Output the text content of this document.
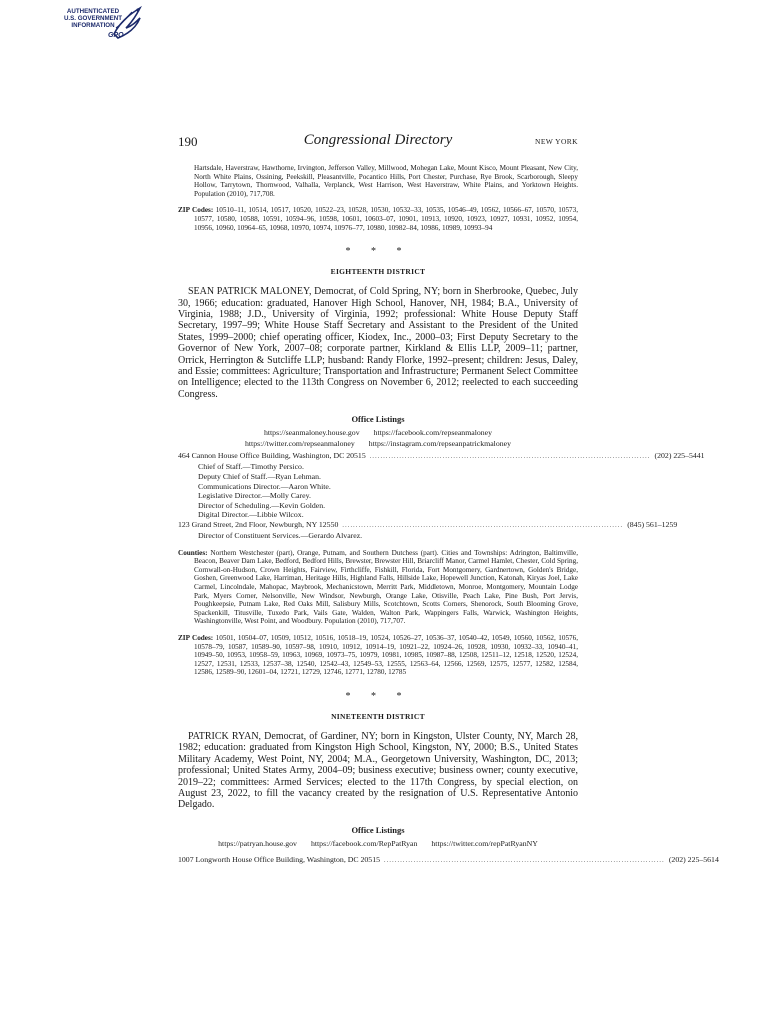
AUTHENTICATED
U.S. GOVERNMENT
INFORMATION
GPO
190	Congressional Directory	NEW YORK
Hartsdale, Haverstraw, Hawthorne, Irvington, Jefferson Valley, Millwood, Mohegan Lake, Mount Kisco, Mount Pleasant, New City, North White Plains, Ossining, Peekskill, Pleasantville, Pocantico Hills, Port Chester, Purchase, Rye Brook, Scarborough, Sleepy Hollow, Tarrytown, Thornwood, Valhalla, Verplanck, West Harrison, West Haverstraw, White Plains, and Yorktown Heights. Population (2010), 717,708.
ZIP Codes: 10510–11, 10514, 10517, 10520, 10522–23, 10528, 10530, 10532–33, 10535, 10546–49, 10562, 10566–67, 10570, 10573, 10577, 10580, 10588, 10591, 10594–96, 10598, 10601, 10603–07, 10901, 10913, 10920, 10923, 10927, 10931, 10952, 10954, 10956, 10960, 10964–65, 10968, 10970, 10974, 10976–77, 10980, 10982–84, 10986, 10989, 10993–94
* * *
EIGHTEENTH DISTRICT
SEAN PATRICK MALONEY, Democrat, of Cold Spring, NY; born in Sherbrooke, Quebec, July 30, 1966; education: graduated, Hanover High School, Hanover, NH, 1984; B.A., University of Virginia, 1988; J.D., University of Virginia, 1992; professional: White House Deputy Staff Secretary, 1997–99; White House Staff Secretary and Assistant to the President of the United States, 1999–2000; chief operating officer, Kiodex, Inc., 2000–03; First Deputy Secretary to the Governor of New York, 2007–08; corporate partner, Kirkland & Ellis LLP, 2009–11; partner, Orrick, Herrington & Sutcliffe LLP; husband: Randy Florke, 1992–present; children: Jesus, Daley, and Essie; committees: Agriculture; Transportation and Infrastructure; Permanent Select Committee on Intelligence; elected to the 113th Congress on November 6, 2012; reelected to each succeeding Congress.
Office Listings
https://seanmaloney.house.gov https://facebook.com/repseanmaloney
https://twitter.com/repseanmaloney https://instagram.com/repseanpatrickmaloney
464 Cannon House Office Building, Washington, DC 20515 ........................................................................................................ (202) 225–5441
Chief of Staff.—Timothy Persico.
Deputy Chief of Staff.—Ryan Lehman.
Communications Director.—Aaron White.
Legislative Director.—Molly Carey.
Director of Scheduling.—Kevin Golden.
Digital Director.—Libbie Wilcox.
123 Grand Street, 2nd Floor, Newburgh, NY 12550 ........................................................................................................ (845) 561–1259
Director of Constituent Services.—Gerardo Alvarez.
Counties: Northern Westchester (part), Orange, Putnam, and Southern Dutchess (part). Cities and Townships: Adrington, Baltimville, Beacon, Beaver Dam Lake, Bedford, Bedford Hills, Brewster, Brewster Hill, Briarcliff Manor, Carmel Hamlet, Chester, Cold Spring, Cornwall-on-Hudson, Crown Heights, Fairview, Firthcliffe, Fishkill, Florida, Fort Montgomery, Gardnertown, Golden's Bridge, Goshen, Greenwood Lake, Harriman, Heritage Hills, Highland Falls, Hillside Lake, Hopewell Junction, Katonah, Kiryas Joel, Lake Carmel, Lincolndale, Mahopac, Maybrook, Mechanicstown, Merritt Park, Middletown, Monroe, Montgomery, Mountain Lodge Park, Myers Corner, Nelsonville, New Windsor, Newburgh, Orange Lake, Otisville, Peach Lake, Pine Bush, Port Jervis, Poughkeepsie, Putnam Lake, Red Oaks Mill, Salisbury Mills, Scotchtown, Scotts Corners, Shenorock, South Blooming Grove, Spackenkill, Titusville, Tuxedo Park, Vails Gate, Walden, Walton Park, Wappingers Falls, Warwick, Washington Heights, Washingtonville, West Point, and Woodbury. Population (2010), 717,707.
ZIP Codes: 10501, 10504–07, 10509, 10512, 10516, 10518–19, 10524, 10526–27, 10536–37, 10540–42, 10549, 10560, 10562, 10576, 10578–79, 10587, 10589–90, 10597–98, 10910, 10912, 10914–19, 10921–22, 10924–26, 10928, 10930, 10932–33, 10940–41, 10949–50, 10953, 10958–59, 10963, 10969, 10973–75, 10979, 10981, 10985, 10987–88, 12508, 12511–12, 12518, 12520, 12524, 12527, 12531, 12533, 12537–38, 12540, 12542–43, 12549–53, 12555, 12563–64, 12566, 12569, 12575, 12577, 12582, 12584, 12586, 12589–90, 12601–04, 12721, 12729, 12746, 12771, 12780, 12785
* * *
NINETEENTH DISTRICT
PATRICK RYAN, Democrat, of Gardiner, NY; born in Kingston, Ulster County, NY, March 28, 1982; education: graduated from Kingston High School, Kingston, NY, 2000; B.S., United States Military Academy, West Point, NY, 2004; M.A., Georgetown University, Washington, DC, 2013; professional; United States Army, 2004–09; business executive; business owner; county executive, 2019–22; committees: Armed Services; elected to the 117th Congress, by special election, on August 23, 2022, to fill the vacancy created by the resignation of U.S. Representative Antonio Delgado.
Office Listings
https://patryan.house.gov https://facebook.com/RepPatRyan https://twitter.com/repPatRyanNY
1007 Longworth House Office Building, Washington, DC 20515 ........................................................................................................ (202) 225–5614
